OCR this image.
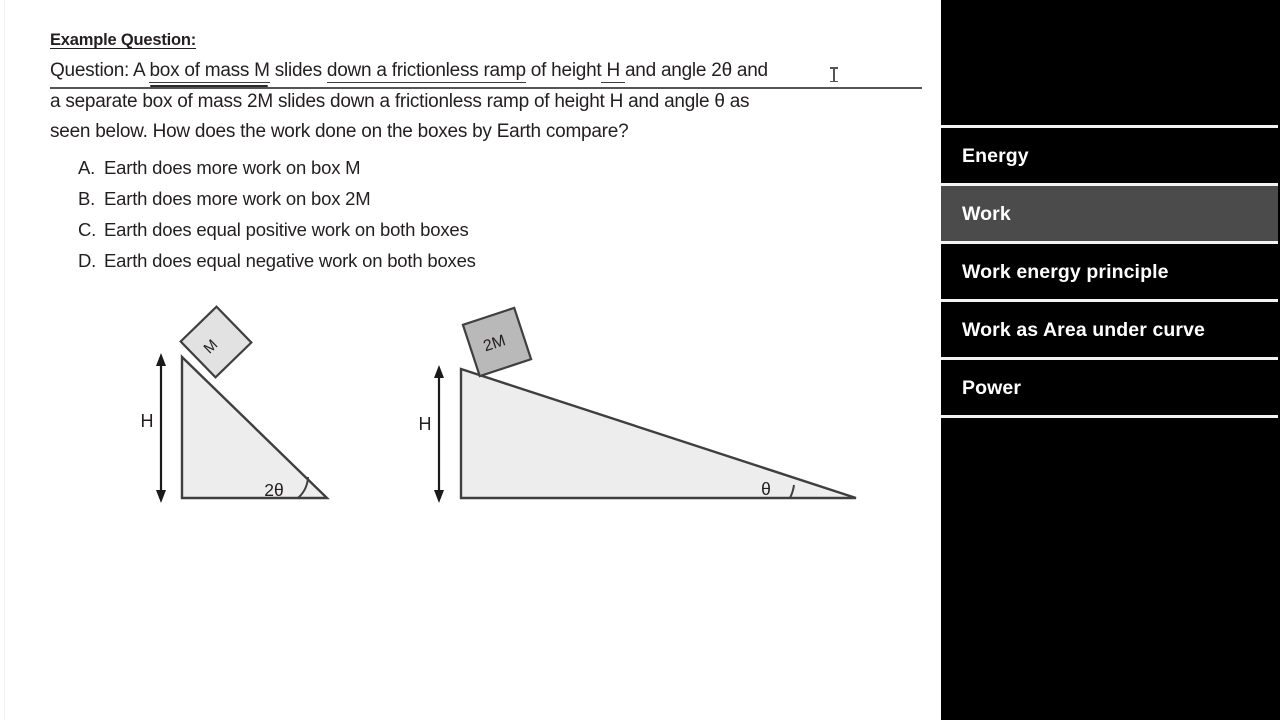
Example Question:
Question: A box of mass M slides down a frictionless ramp of height H and angle 2θ and
a separate box of mass 2M slides down a frictionless ramp of height H and angle θ as
seen below. How does the work done on the boxes by Earth compare?
A. Earth does more work on box M
B. Earth does more work on box 2M
C. Earth does equal positive work on both boxes
D. Earth does equal negative work on both boxes
M
H
2θ
2M
H
θ
Energy
Work
Work energy principle
Work as Area under curve
Power
